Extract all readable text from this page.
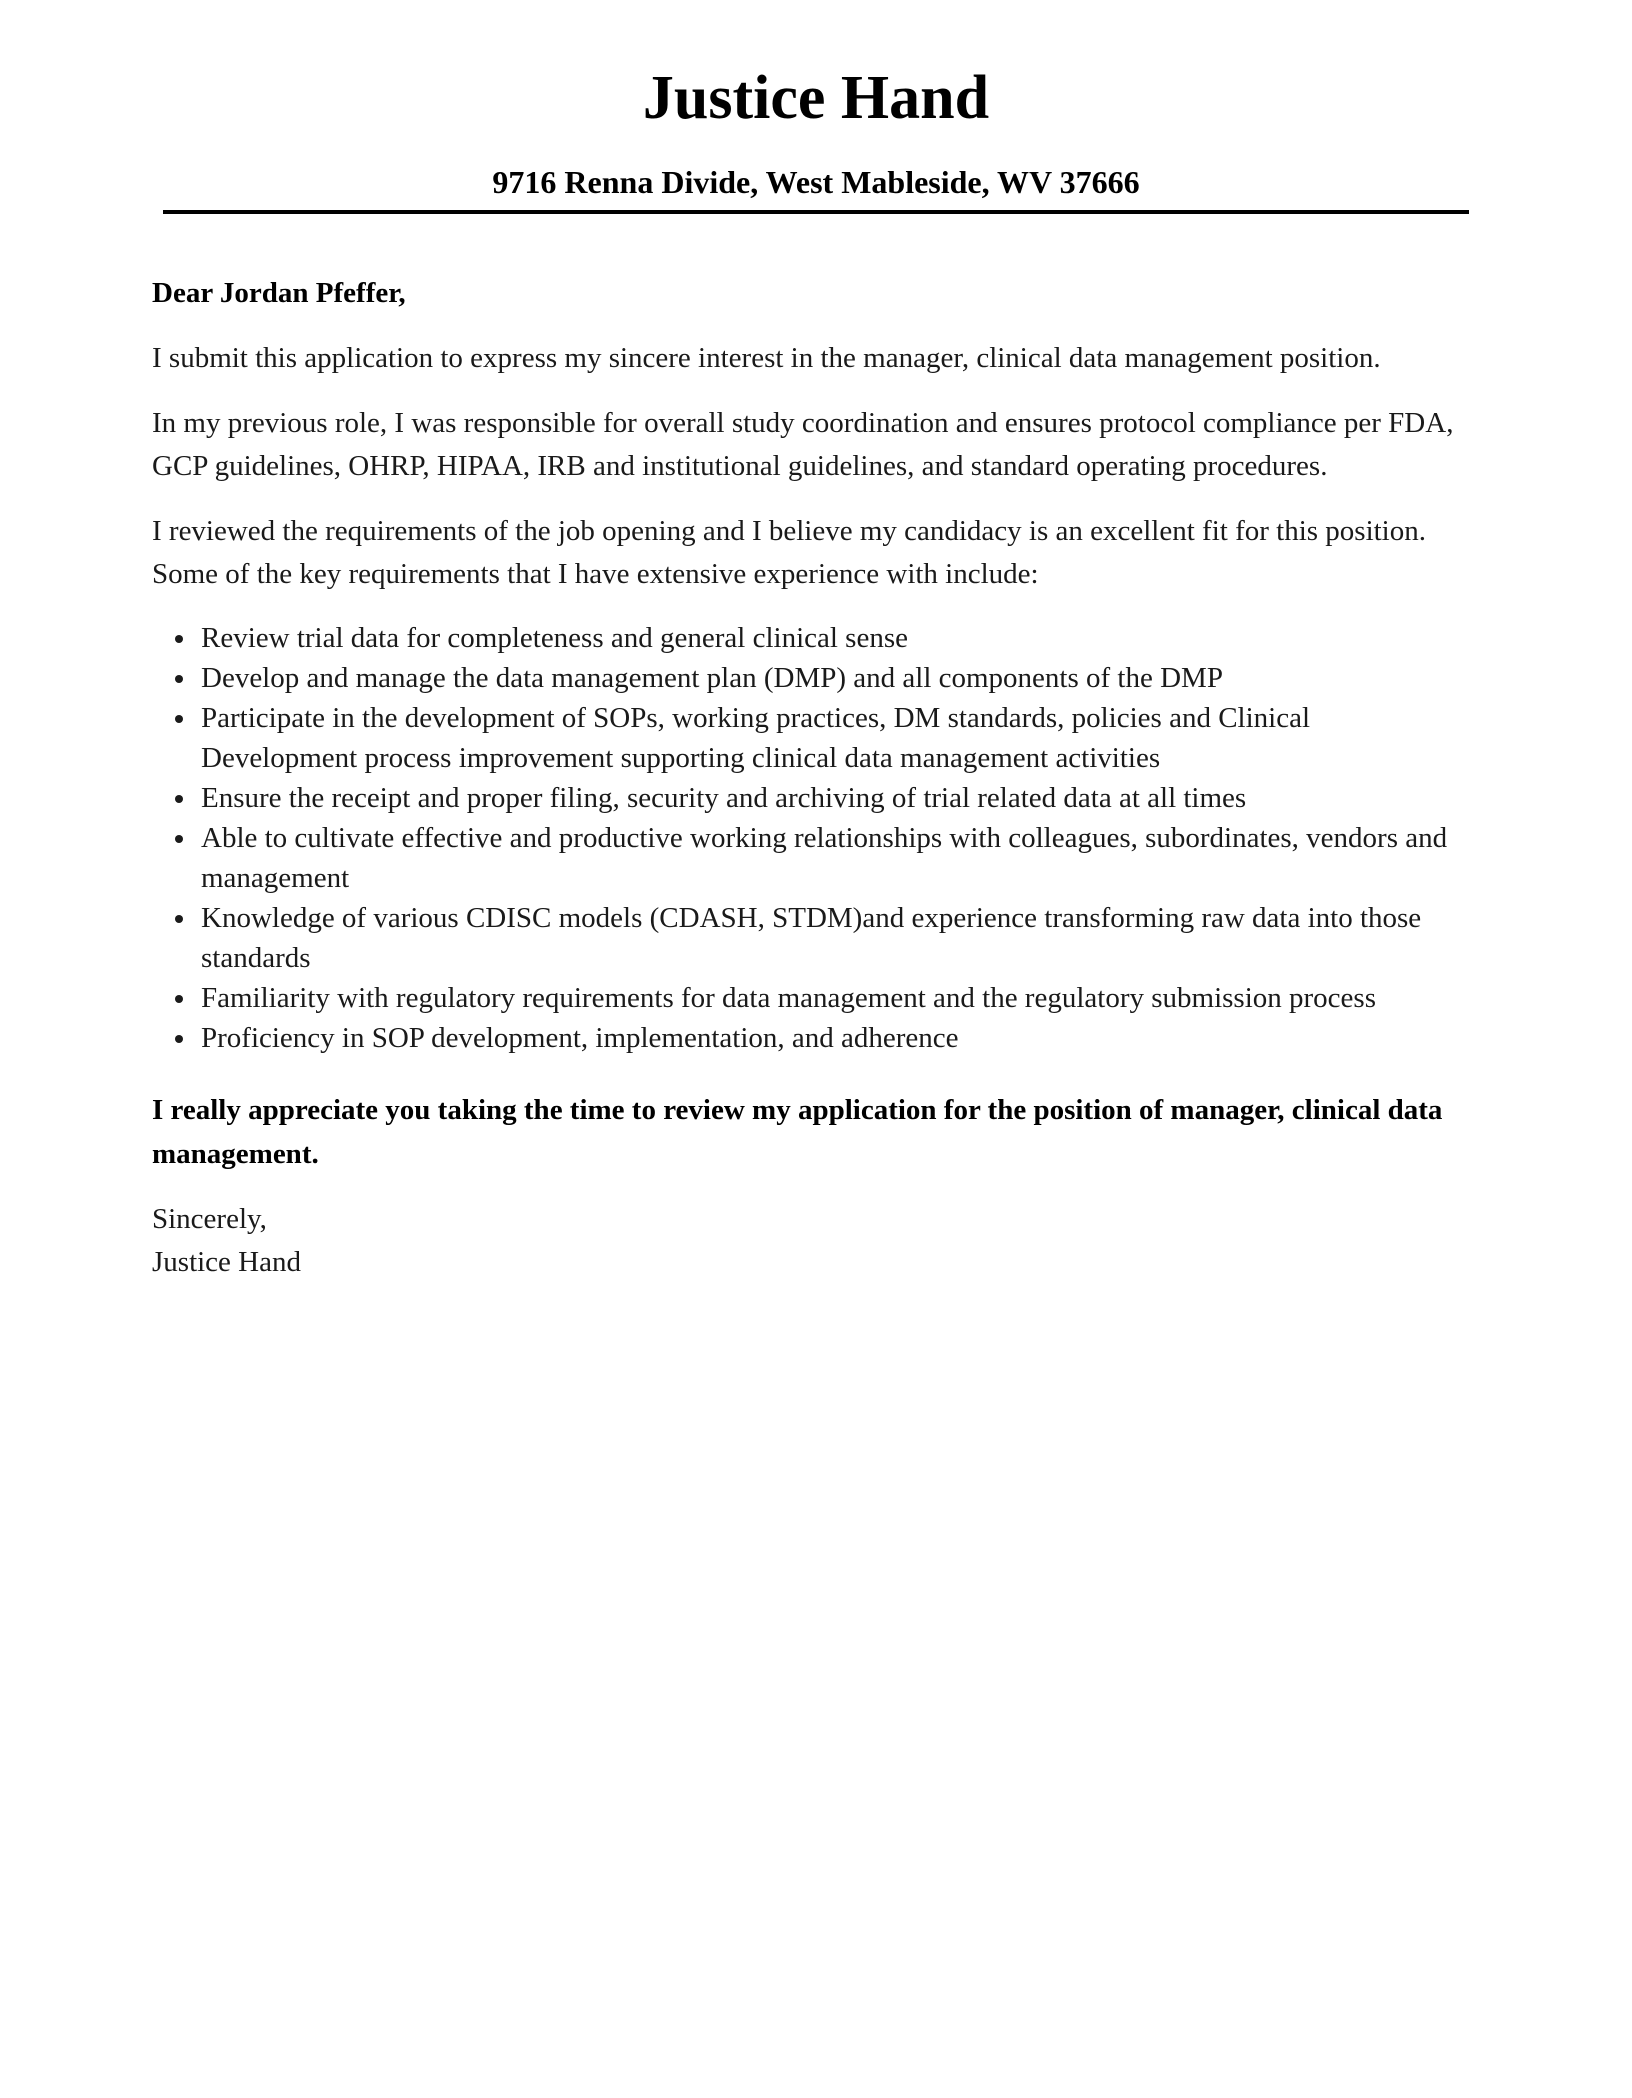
Justice Hand
9716 Renna Divide, West Mableside, WV 37666

Dear Jordan Pfeffer,

I submit this application to express my sincere interest in the manager, clinical data management position.

In my previous role, I was responsible for overall study coordination and ensures protocol compliance per FDA, GCP guidelines, OHRP, HIPAA, IRB and institutional guidelines, and standard operating procedures.

I reviewed the requirements of the job opening and I believe my candidacy is an excellent fit for this position. Some of the key requirements that I have extensive experience with include:

Review trial data for completeness and general clinical sense
Develop and manage the data management plan (DMP) and all components of the DMP
Participate in the development of SOPs, working practices, DM standards, policies and Clinical Development process improvement supporting clinical data management activities
Ensure the receipt and proper filing, security and archiving of trial related data at all times
Able to cultivate effective and productive working relationships with colleagues, subordinates, vendors and management
Knowledge of various CDISC models (CDASH, STDM)and experience transforming raw data into those standards
Familiarity with regulatory requirements for data management and the regulatory submission process
Proficiency in SOP development, implementation, and adherence

I really appreciate you taking the time to review my application for the position of manager, clinical data management.

Sincerely,
Justice Hand
